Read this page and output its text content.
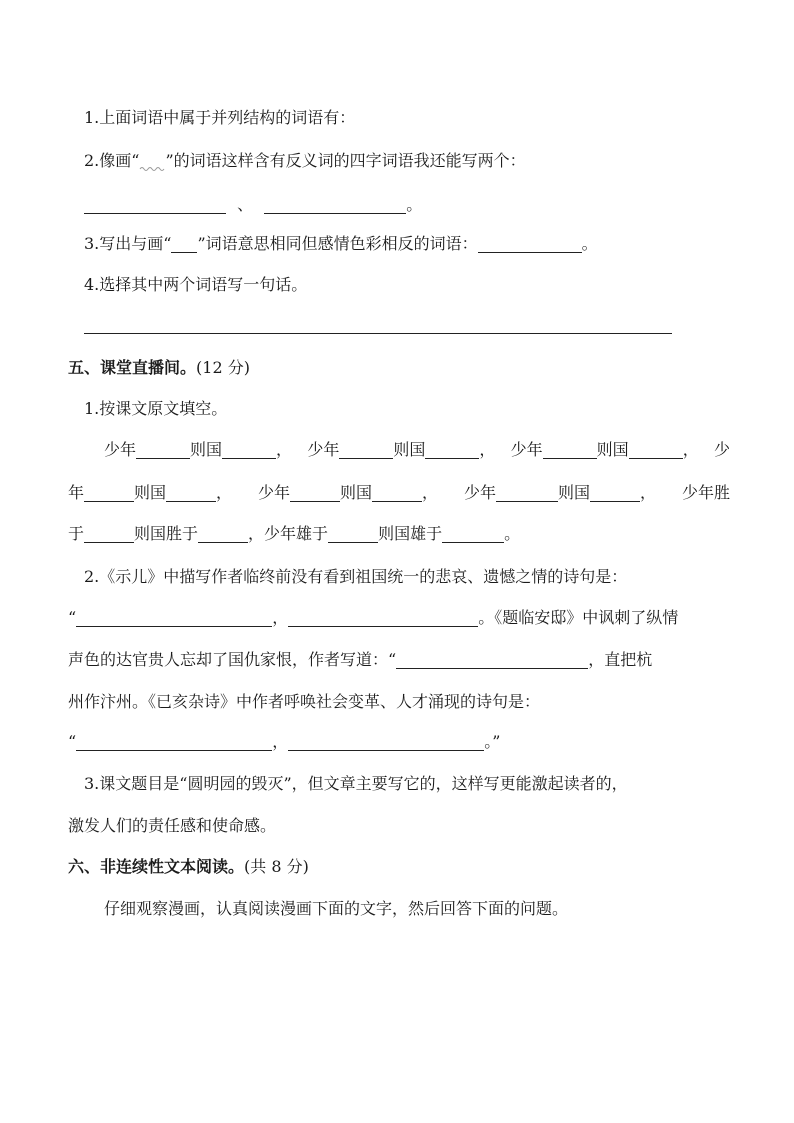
1.上面词语中属于并列结构的词语有：
2.像画“ ”的词语这样含有反义词的四字词语我还能写两个：
、	。
3.写出与画“ ”词语意思相同但感情色彩相反的词语：	。
4.选择其中两个词语写一句话。
五、课堂直播间。(12 分)
1.按课文原文填空。
少年	则国	， 少年	则国	， 少年	则国	， 少
年	则国	， 少年	则国	， 少年	则国	， 少年胜
于	则国胜于	，少年雄于	则国雄于	。
2.《示儿》中描写作者临终前没有看到祖国统一的悲哀、遗憾之情的诗句是：
“	，	。《题临安邸》中讽刺了纵情
声色的达官贵人忘却了国仇家恨，作者写道：“	，直把杭
州作汴州。《已亥杂诗》中作者呼唤社会变革、人才涌现的诗句是：
“	，	。”
3.课文题目是“圆明园的毁灭”，但文章主要写它的，这样写更能激起读者的，
激发人们的责任感和使命感。
六、非连续性文本阅读。(共 8 分)
仔细观察漫画，认真阅读漫画下面的文字，然后回答下面的问题。
